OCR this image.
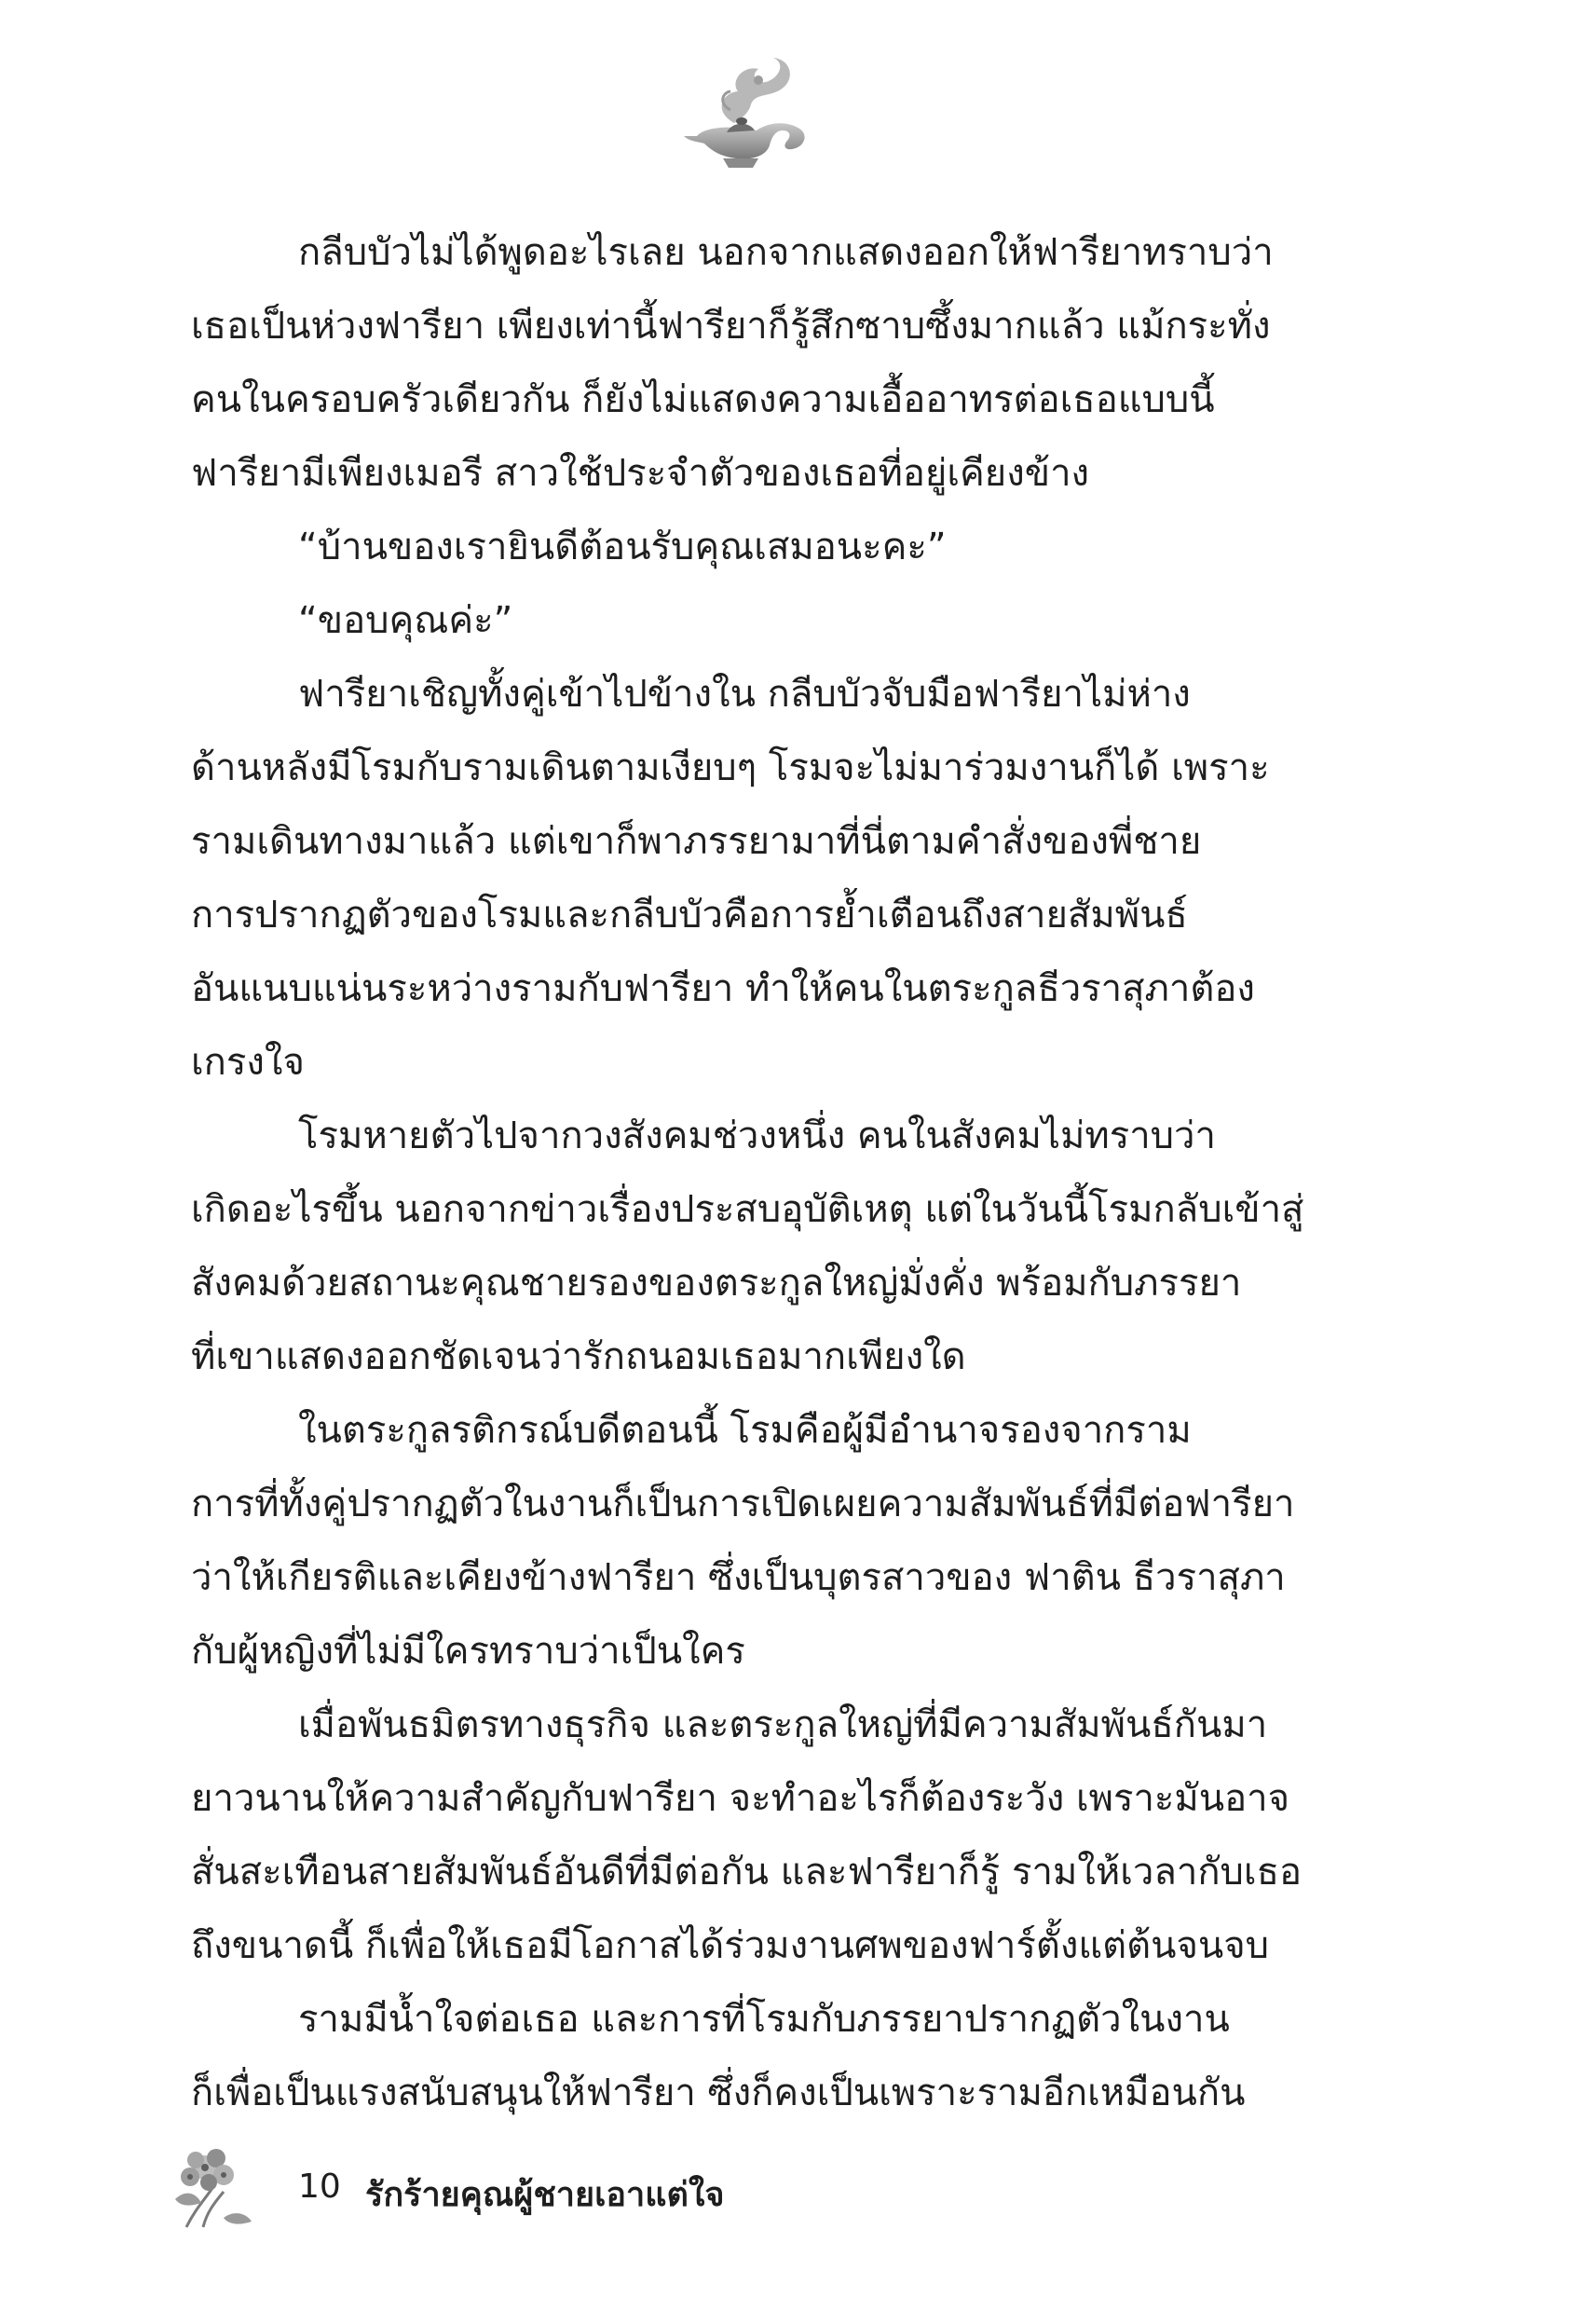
กลีบบัวไม่ได้พูดอะไรเลย นอกจากแสดงออกให้ฟารียาทราบว่า
เธอเป็นห่วงฟารียา เพียงเท่านี้ฟารียาก็รู้สึกซาบซึ้งมากแล้ว แม้กระทั่ง
คนในครอบครัวเดียวกัน ก็ยังไม่แสดงความเอื้ออาทรต่อเธอแบบนี้
ฟารียามีเพียงเมอรี สาวใช้ประจำตัวของเธอที่อยู่เคียงข้าง
“บ้านของเรายินดีต้อนรับคุณเสมอนะคะ”
“ขอบคุณค่ะ”
ฟารียาเชิญทั้งคู่เข้าไปข้างใน กลีบบัวจับมือฟารียาไม่ห่าง
ด้านหลังมีโรมกับรามเดินตามเงียบๆ โรมจะไม่มาร่วมงานก็ได้ เพราะ
รามเดินทางมาแล้ว แต่เขาก็พาภรรยามาที่นี่ตามคำสั่งของพี่ชาย
การปรากฏตัวของโรมและกลีบบัวคือการย้ำเตือนถึงสายสัมพันธ์
อันแนบแน่นระหว่างรามกับฟารียา ทำให้คนในตระกูลธีวราสุภาต้อง
เกรงใจ
โรมหายตัวไปจากวงสังคมช่วงหนึ่ง คนในสังคมไม่ทราบว่า
เกิดอะไรขึ้น นอกจากข่าวเรื่องประสบอุบัติเหตุ แต่ในวันนี้โรมกลับเข้าสู่
สังคมด้วยสถานะคุณชายรองของตระกูลใหญ่มั่งคั่ง พร้อมกับภรรยา
ที่เขาแสดงออกชัดเจนว่ารักถนอมเธอมากเพียงใด
ในตระกูลรติกรณ์บดีตอนนี้ โรมคือผู้มีอำนาจรองจากราม
การที่ทั้งคู่ปรากฏตัวในงานก็เป็นการเปิดเผยความสัมพันธ์ที่มีต่อฟารียา
ว่าให้เกียรติและเคียงข้างฟารียา ซึ่งเป็นบุตรสาวของ ฟาติน ธีวราสุภา
กับผู้หญิงที่ไม่มีใครทราบว่าเป็นใคร
เมื่อพันธมิตรทางธุรกิจ และตระกูลใหญ่ที่มีความสัมพันธ์กันมา
ยาวนานให้ความสำคัญกับฟารียา จะทำอะไรก็ต้องระวัง เพราะมันอาจ
สั่นสะเทือนสายสัมพันธ์อันดีที่มีต่อกัน และฟารียาก็รู้ รามให้เวลากับเธอ
ถึงขนาดนี้ ก็เพื่อให้เธอมีโอกาสได้ร่วมงานศพของฟาร์ตั้งแต่ต้นจนจบ
รามมีน้ำใจต่อเธอ และการที่โรมกับภรรยาปรากฏตัวในงาน
ก็เพื่อเป็นแรงสนับสนุนให้ฟารียา ซึ่งก็คงเป็นเพราะรามอีกเหมือนกัน
10 รักร้ายคุณผู้ชายเอาแต่ใจ
